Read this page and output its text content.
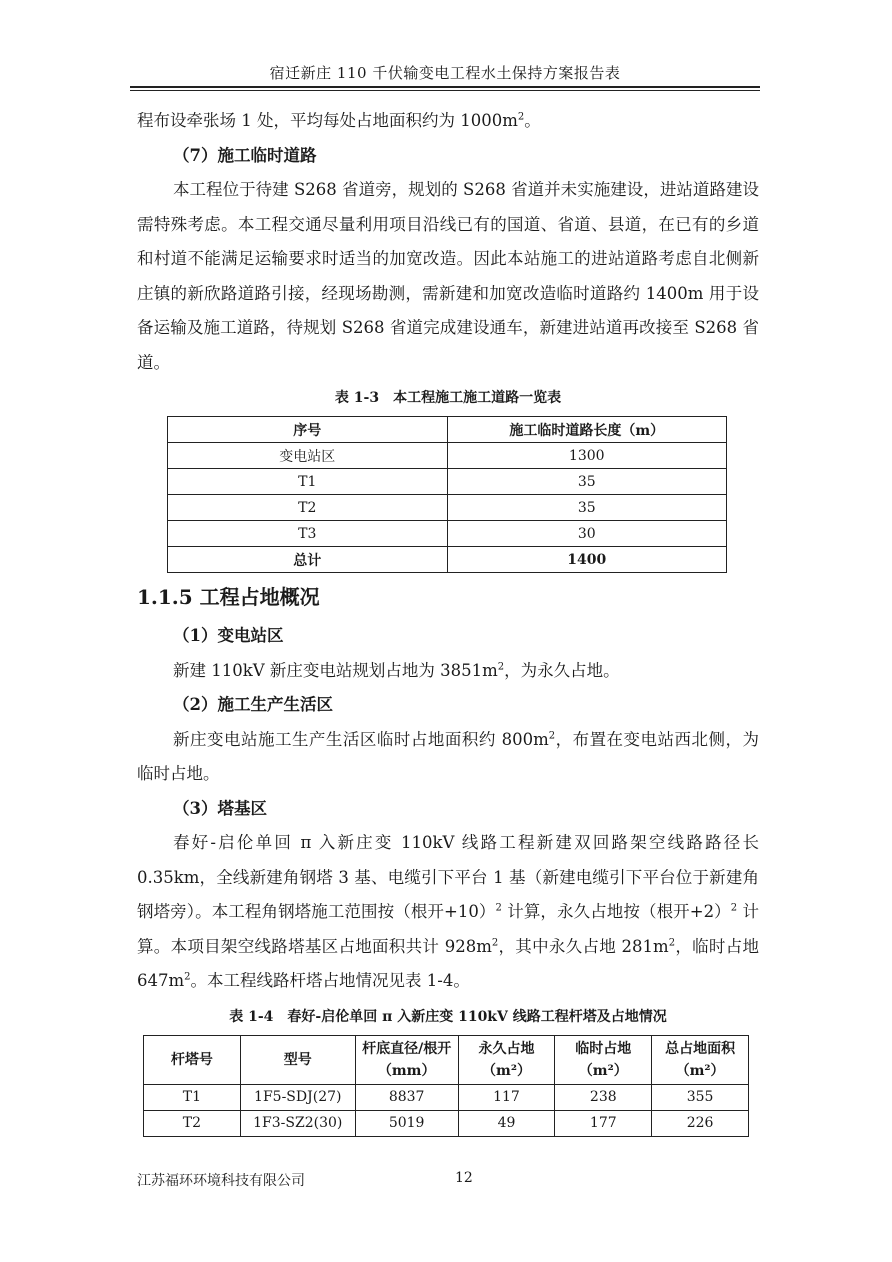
宿迁新庄 110 千伏输变电工程水土保持方案报告表

程布设牵张场 1 处，平均每处占地面积约为 $1000m^2$。

（7）施工临时道路

本工程位于待建 S268 省道旁，规划的 S268 省道并未实施建设，进站道路建设需特殊考虑。本工程交通尽量利用项目沿线已有的国道、省道、县道，在已有的乡道和村道不能满足运输要求时适当的加宽改造。因此本站施工的进站道路考虑自北侧新庄镇的新欣路道路引接，经现场勘测，需新建和加宽改造临时道路约 1400m 用于设备运输及施工道路，待规划 S268 省道完成建设通车，新建进站道再改接至 S268 省道。

表 1-3　本工程施工施工道路一览表
序号	施工临时道路长度（m）
变电站区	1300
T1	35
T2	35
T3	30
总计	1400
1.1.5 工程占地概况
（1）变电站区

新建 110kV 新庄变电站规划占地为 $3851m^2$，为永久占地。

（2）施工生产生活区

新庄变电站施工生产生活区临时占地面积约 $800m^2$，布置在变电站西北侧，为临时占地。

（3）塔基区

春好-启伦单回 π 入新庄变 110kV 线路工程新建双回路架空线路路径长 0.35km，全线新建角钢塔 3 基、电缆引下平台 1 基（新建电缆引下平台位于新建角钢塔旁）。本工程角钢塔施工范围按（根开+10）$^2$ 计算，永久占地按（根开+2）$^2$ 计算。本项目架空线路塔基区占地面积共计 $928m^2$，其中永久占地 $281m^2$，临时占地 $647m^2$。本工程线路杆塔占地情况见表 1-4。

表 1-4　春好-启伦单回 π 入新庄变 110kV 线路工程杆塔及占地情况
杆塔号	型号	杆底直径/根开（mm）	永久占地（m²）	临时占地（m²）	总占地面积（m²）
T1	1F5-SDJ(27)	8837	117	238	355
T2	1F3-SZ2(30)	5019	49	177	226
江苏福环环境科技有限公司	12
